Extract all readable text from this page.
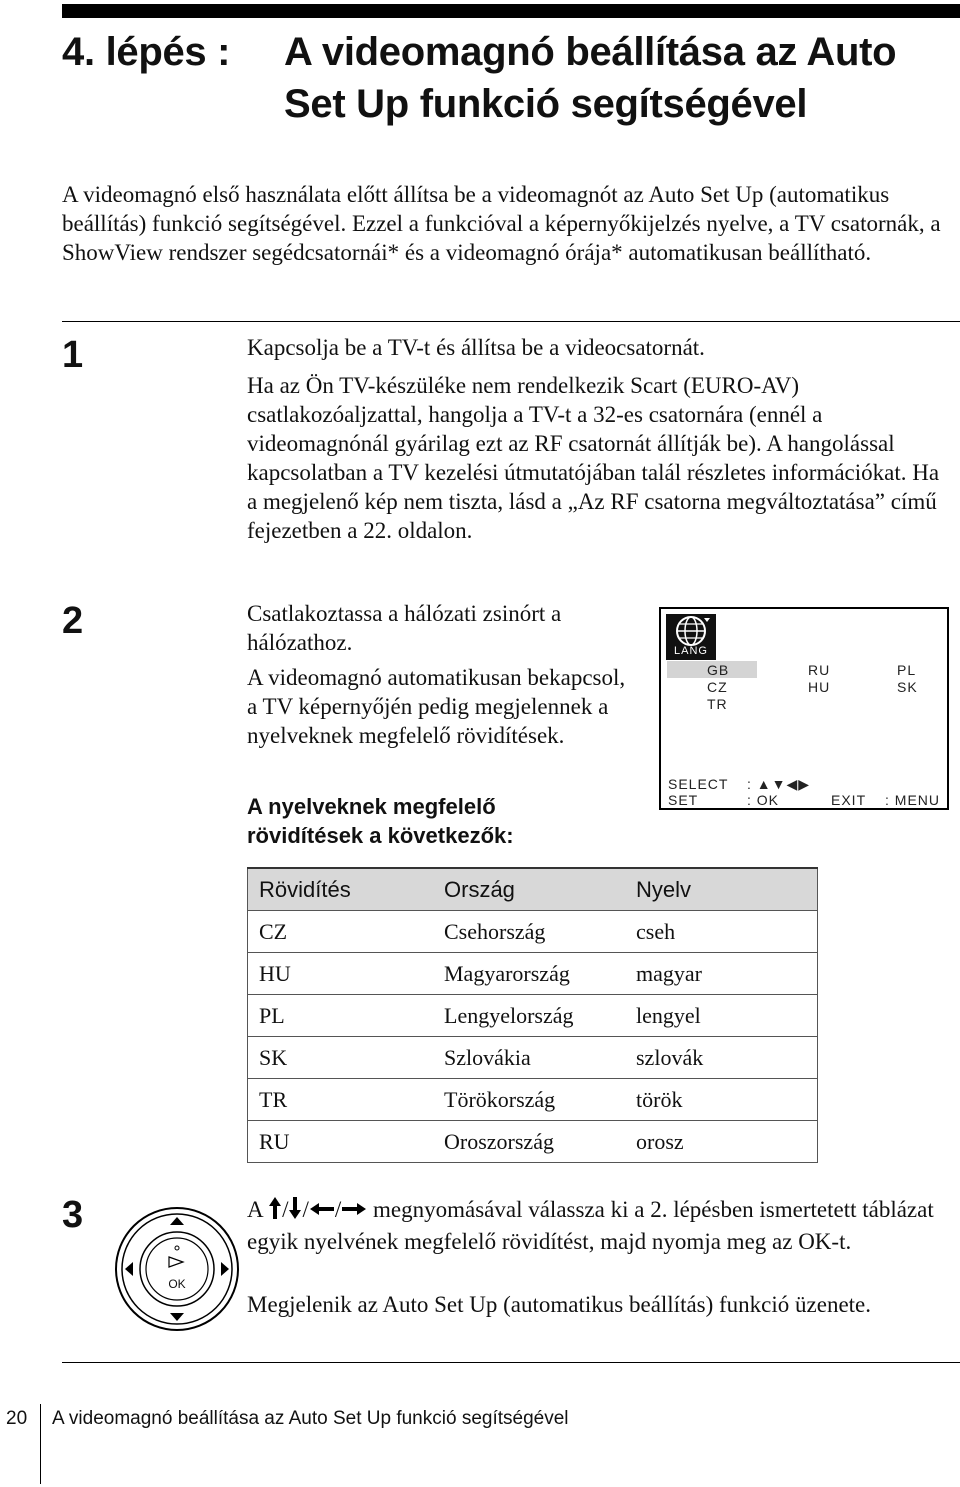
4. lépés : A videomagnó beállítása az Auto
Set Up funkció segítségével

A videomagnó első használata előtt állítsa be a videomagnót az Auto Set Up (automatikus beállítás) funkció segítségével. Ezzel a funkcióval a képernyőkijelzés nyelve, a TV csatornák, a ShowView rendszer segédcsatornái* és a videomagnó órája* automatikusan beállítható.

1	Kapcsolja be a TV-t és állítsa be a videocsatornát.

Ha az Ön TV-készüléke nem rendelkezik Scart (EURO-AV) csatlakozóaljzattal, hangolja a TV-t a 32-es csatornára (ennél a videomagnónál gyárilag ezt az RF csatornát állítják be). A hangolással kapcsolatban a TV kezelési útmutatójában talál részletes információkat. Ha a megjelenő kép nem tiszta, lásd a „Az RF csatorna megváltoztatása” című fejezetben a 22. oldalon.

2	Csatlakoztassa a hálózati zsinórt a hálózathoz.

A videomagnó automatikusan bekapcsol, a TV képernyőjén pedig megjelennek a nyelveknek megfelelő rövidítések.

A nyelveknek megfelelő rövidítések a következők:

LANG
GB
CZ
TR
RU
HU
PL
SK
SELECT : ▲▼◀▶
SET	: OK	EXIT : MENU
Rövidítés	Ország	Nyelv
CZ	Csehország	cseh
HU	Magyarország	magyar
PL	Lengyelország	lengyel
SK	Szlovákia	szlovák
TR	Törökország	török
RU	Oroszország	orosz
3
OK
A / / / megnyomásával válassza ki a 2. lépésben ismertetett táblázat egyik nyelvének megfelelő rövidítést, majd nyomja meg az OK-t.

Megjelenik az Auto Set Up (automatikus beállítás) funkció üzenete.

20 A videomagnó beállítása az Auto Set Up funkció segítségével
